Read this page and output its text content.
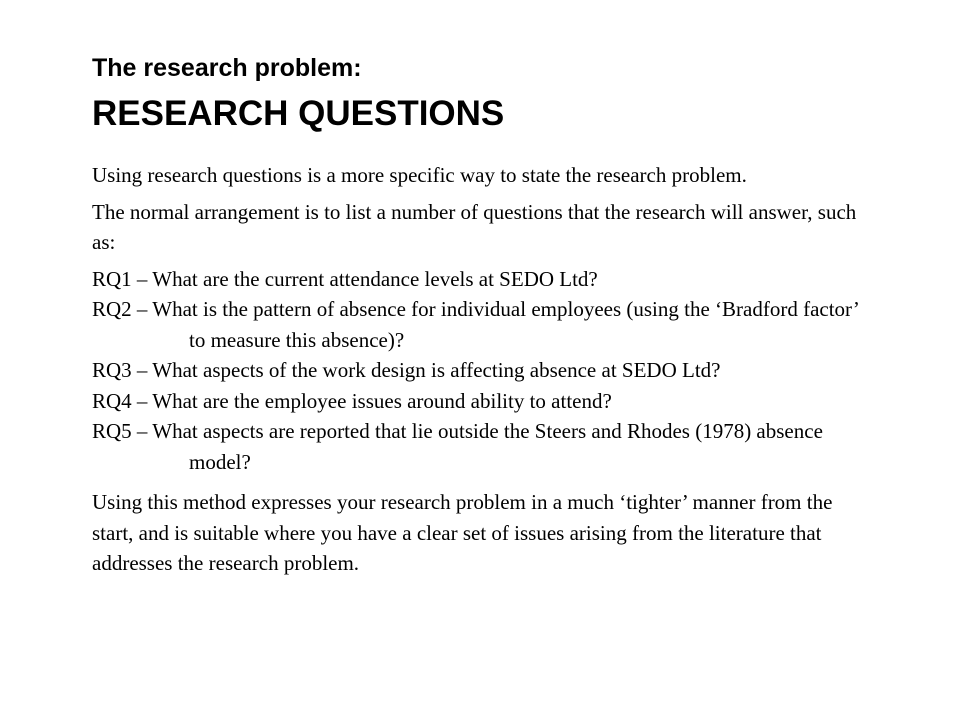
The research problem:
RESEARCH QUESTIONS

Using research questions is a more specific way to state the research problem.

The normal arrangement is to list a number of questions that the research will answer, such as:

RQ1 – What are the current attendance levels at SEDO Ltd?
RQ2 – What is the pattern of absence for individual employees (using the ‘Bradford factor’ to measure this absence)?
RQ3 – What aspects of the work design is affecting absence at SEDO Ltd?
RQ4 – What are the employee issues around ability to attend?
RQ5 – What aspects are reported that lie outside the Steers and Rhodes (1978) absence model?

Using this method expresses your research problem in a much ‘tighter’ manner from the start, and is suitable where you have a clear set of issues arising from the literature that addresses the research problem.
